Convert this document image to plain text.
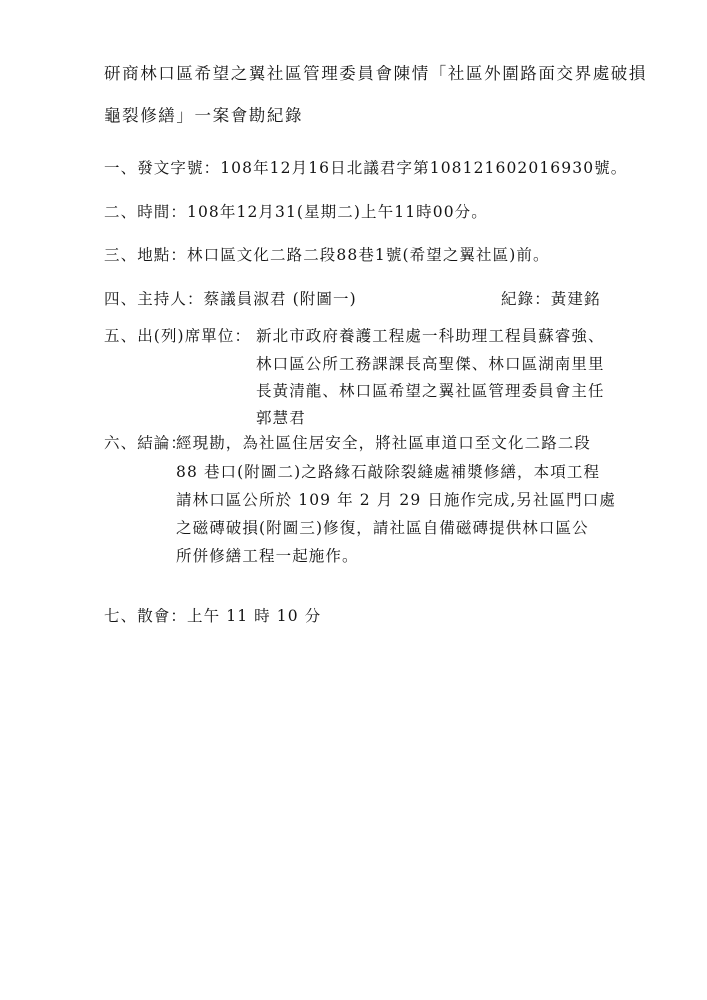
研商林口區希望之翼社區管理委員會陳情「社區外圍路面交界處破損
龜裂修繕」一案會勘紀錄
一、發文字號：108年12月16日北議君字第108121602016930號。
二、時間：108年12月31(星期二)上午11時00分。
三、地點：林口區文化二路二段88巷1號(希望之翼社區)前。
四、主持人：蔡議員淑君 (附圖一)	紀錄：黃建銘
五、出(列)席單位： 新北市政府養護工程處一科助理工程員蘇睿強、
林口區公所工務課課長高聖傑、林口區湖南里里
長黃清龍、林口區希望之翼社區管理委員會主任
郭慧君
六、結論：
經現勘，為社區住居安全，將社區車道口至文化二路二段
88 巷口(附圖二)之路緣石敲除裂縫處補漿修繕，本項工程
請林口區公所於 109 年 2 月 29 日施作完成,另社區門口處
之磁磚破損(附圖三)修復，請社區自備磁磚提供林口區公
所併修繕工程一起施作。
七、散會：上午 11 時 10 分
